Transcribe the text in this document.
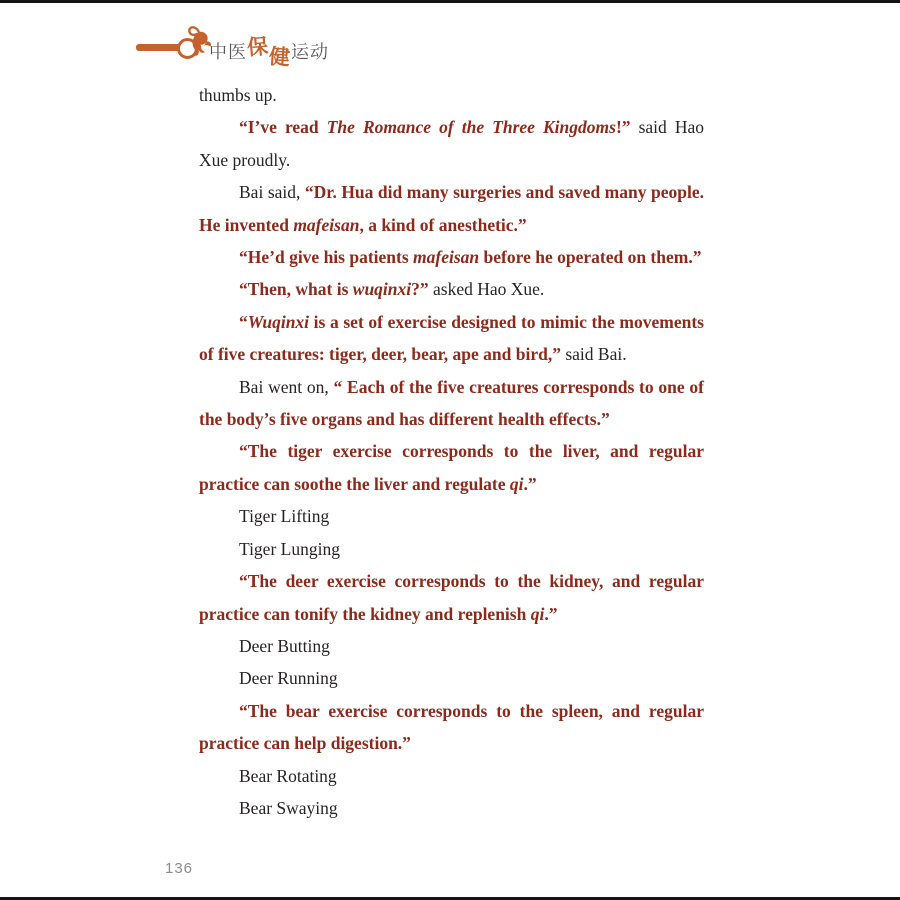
中医 保
健 运动

thumbs up.

“I’ve read The Romance of the Three Kingdoms!” said Hao Xue proudly.

Bai said, “Dr. Hua did many surgeries and saved many people. He invented mafeisan, a kind of anesthetic.”

“He’d give his patients mafeisan before he operated on them.”

“Then, what is wuqinxi?” asked Hao Xue.

“Wuqinxi is a set of exercise designed to mimic the movements of five creatures: tiger, deer, bear, ape and bird,” said Bai.

Bai went on, “ Each of the five creatures corresponds to one of the body’s five organs and has different health effects.”

“The tiger exercise corresponds to the liver, and regular practice can soothe the liver and regulate qi.”

Tiger Lifting

Tiger Lunging

“The deer exercise corresponds to the kidney, and regular practice can tonify the kidney and replenish qi.”

Deer Butting

Deer Running

“The bear exercise corresponds to the spleen, and regular practice can help digestion.”

Bear Rotating

Bear Swaying

136
